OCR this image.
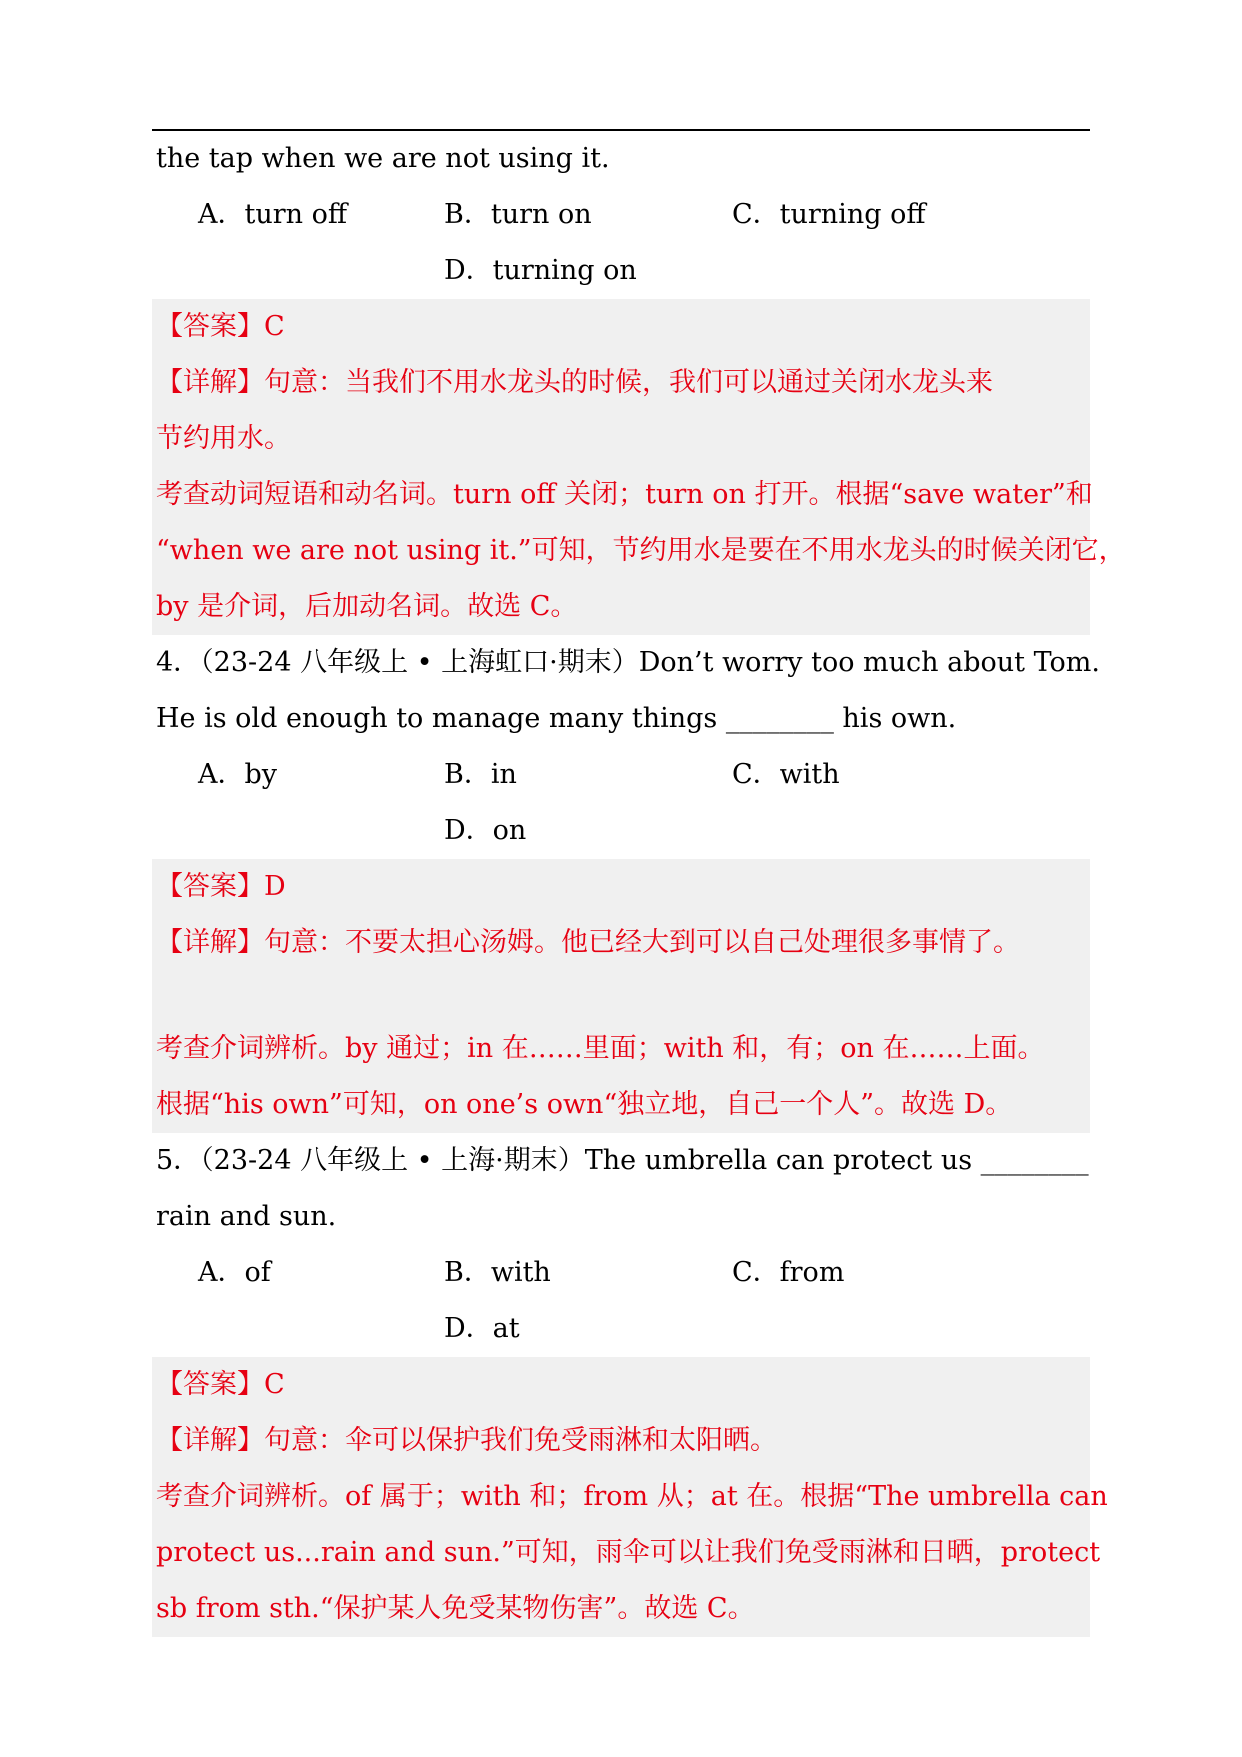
the tap when we are not using it.
A．turn off	B．turn on	C．turning off
D．turning on
【答案】C
【详解】句意：当我们不用水龙头的时候，我们可以通过关闭水龙头来
节约用水。
考查动词短语和动名词。turn off 关闭；turn on 打开。根据“save water”和
“when we are not using it.”可知，节约用水是要在不用水龙头的时候关闭它，
by 是介词，后加动名词。故选 C。
4．（23-24 八年级上 • 上海虹口·期末）Don’t worry too much about Tom.
He is old enough to manage many things ________ his own.
A．by	B．in	C．with
D．on
【答案】D
【详解】句意：不要太担心汤姆。他已经大到可以自己处理很多事情了。
考查介词辨析。by 通过；in 在……里面；with 和，有；on 在……上面。
根据“his own”可知，on one’s own“独立地，自己一个人”。故选 D。
5．（23-24 八年级上 • 上海·期末）The umbrella can protect us ________
rain and sun.
A．of	B．with	C．from
D．at
【答案】C
【详解】句意：伞可以保护我们免受雨淋和太阳晒。
考查介词辨析。of 属于；with 和；from 从；at 在。根据“The umbrella can
protect us...rain and sun.”可知，雨伞可以让我们免受雨淋和日晒，protect
sb from sth.“保护某人免受某物伤害”。故选 C。
